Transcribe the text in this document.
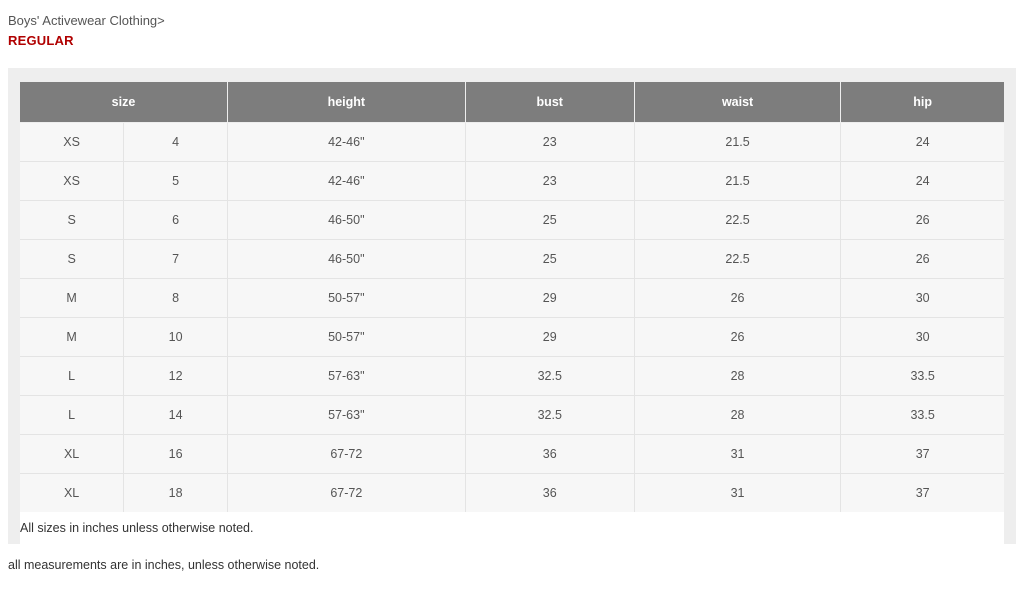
Boys' Activewear Clothing>
REGULAR
size		height	bust	waist	hip
XS	4	42-46"	23	21.5	24
XS	5	42-46"	23	21.5	24
S	6	46-50"	25	22.5	26
S	7	46-50"	25	22.5	26
M	8	50-57"	29	26	30
M	10	50-57"	29	26	30
L	12	57-63"	32.5	28	33.5
L	14	57-63"	32.5	28	33.5
XL	16	67-72	36	31	37
XL	18	67-72	36	31	37
All sizes in inches unless otherwise noted.
all measurements are in inches, unless otherwise noted.
